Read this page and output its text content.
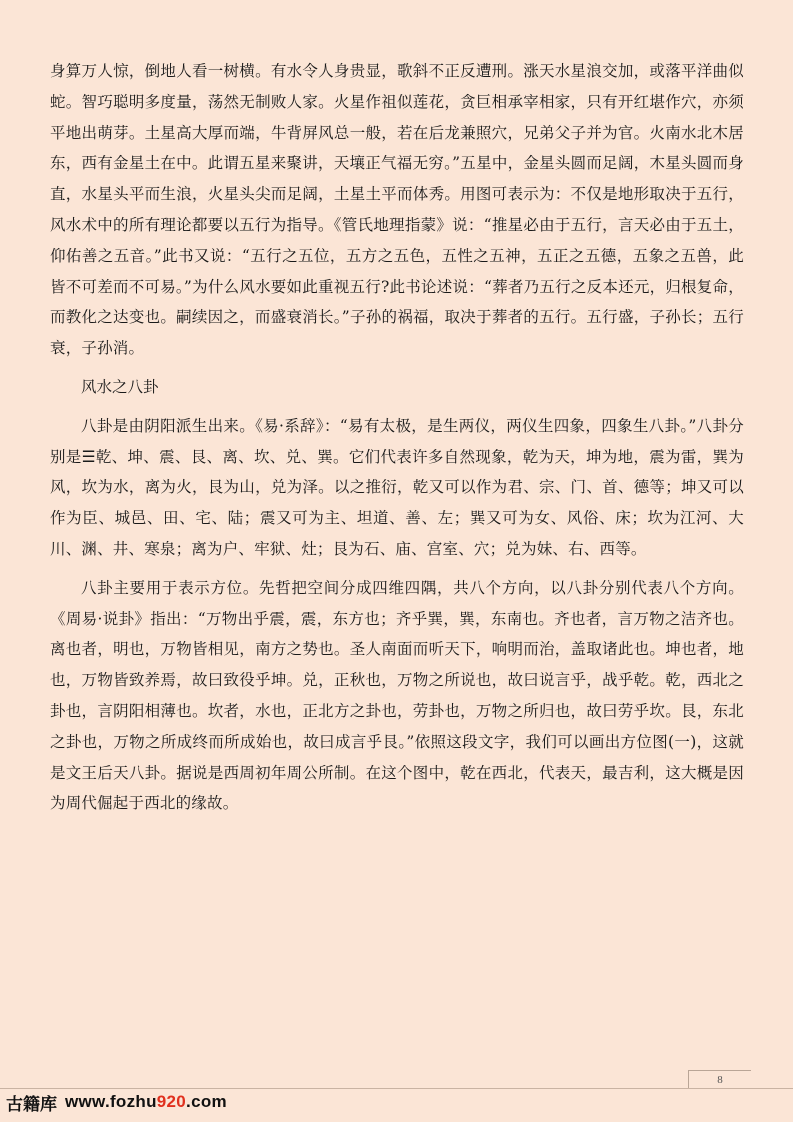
身算万人惊，倒地人看一树横。有水令人身贵显，歌斜不正反遭刑。涨天水星浪交加，或落平洋曲似蛇。智巧聪明多度量，荡然无制败人家。火星作祖似莲花，贪巨相承宰相家，只有开红堪作穴，亦须平地出萌芽。土星高大厚而端，牛背屏风总一般，若在后龙兼照穴，兄弟父子并为官。火南水北木居东，西有金星土在中。此谓五星来聚讲，天壤正气福无穷。”五星中，金星头圆而足阔，木星头圆而身直，水星头平而生浪，火星头尖而足阔，土星土平而体秀。用图可表示为：不仅是地形取决于五行，风水术中的所有理论都要以五行为指导。《管氏地理指蒙》说：“推星必由于五行，言天必由于五土，仰佑善之五音。”此书又说：“五行之五位，五方之五色，五性之五神，五正之五德，五象之五兽，此皆不可差而不可易。”为什么风水要如此重视五行?此书论述说：“葬者乃五行之反本还元，归根复命，而教化之达变也。嗣续因之，而盛衰消长。”子孙的祸福，取决于葬者的五行。五行盛，子孙长；五行衰，子孙消。

风水之八卦

八卦是由阴阳派生出来。《易·系辞》：“易有太极，是生两仪，两仪生四象，四象生八卦。”八卦分别是☰乾、坤、震、艮、离、坎、兑、巽。它们代表许多自然现象，乾为天，坤为地，震为雷，巽为风，坎为水，离为火，艮为山，兑为泽。以之推衍，乾又可以作为君、宗、门、首、德等；坤又可以作为臣、城邑、田、宅、陆；震又可为主、坦道、善、左；巽又可为女、风俗、床；坎为江河、大川、渊、井、寒泉；离为户、牢狱、灶；艮为石、庙、宫室、穴；兑为妹、右、西等。

八卦主要用于表示方位。先哲把空间分成四维四隅，共八个方向，以八卦分别代表八个方向。《周易·说卦》指出：“万物出乎震，震，东方也；齐乎巽，巽，东南也。齐也者，言万物之洁齐也。离也者，明也，万物皆相见，南方之势也。圣人南面而听天下，响明而治，盖取诸此也。坤也者，地也，万物皆致养焉，故曰致役乎坤。兑，正秋也，万物之所说也，故曰说言乎，战乎乾。乾，西北之卦也，言阴阳相薄也。坎者，水也，正北方之卦也，劳卦也，万物之所归也，故曰劳乎坎。艮，东北之卦也，万物之所成终而所成始也，故曰成言乎艮。”依照这段文字，我们可以画出方位图(一)，这就是文王后天八卦。据说是西周初年周公所制。在这个图中，乾在西北，代表天，最吉利，这大概是因为周代倔起于西北的缘故。

8
古籍库 www.fozhu920.com
